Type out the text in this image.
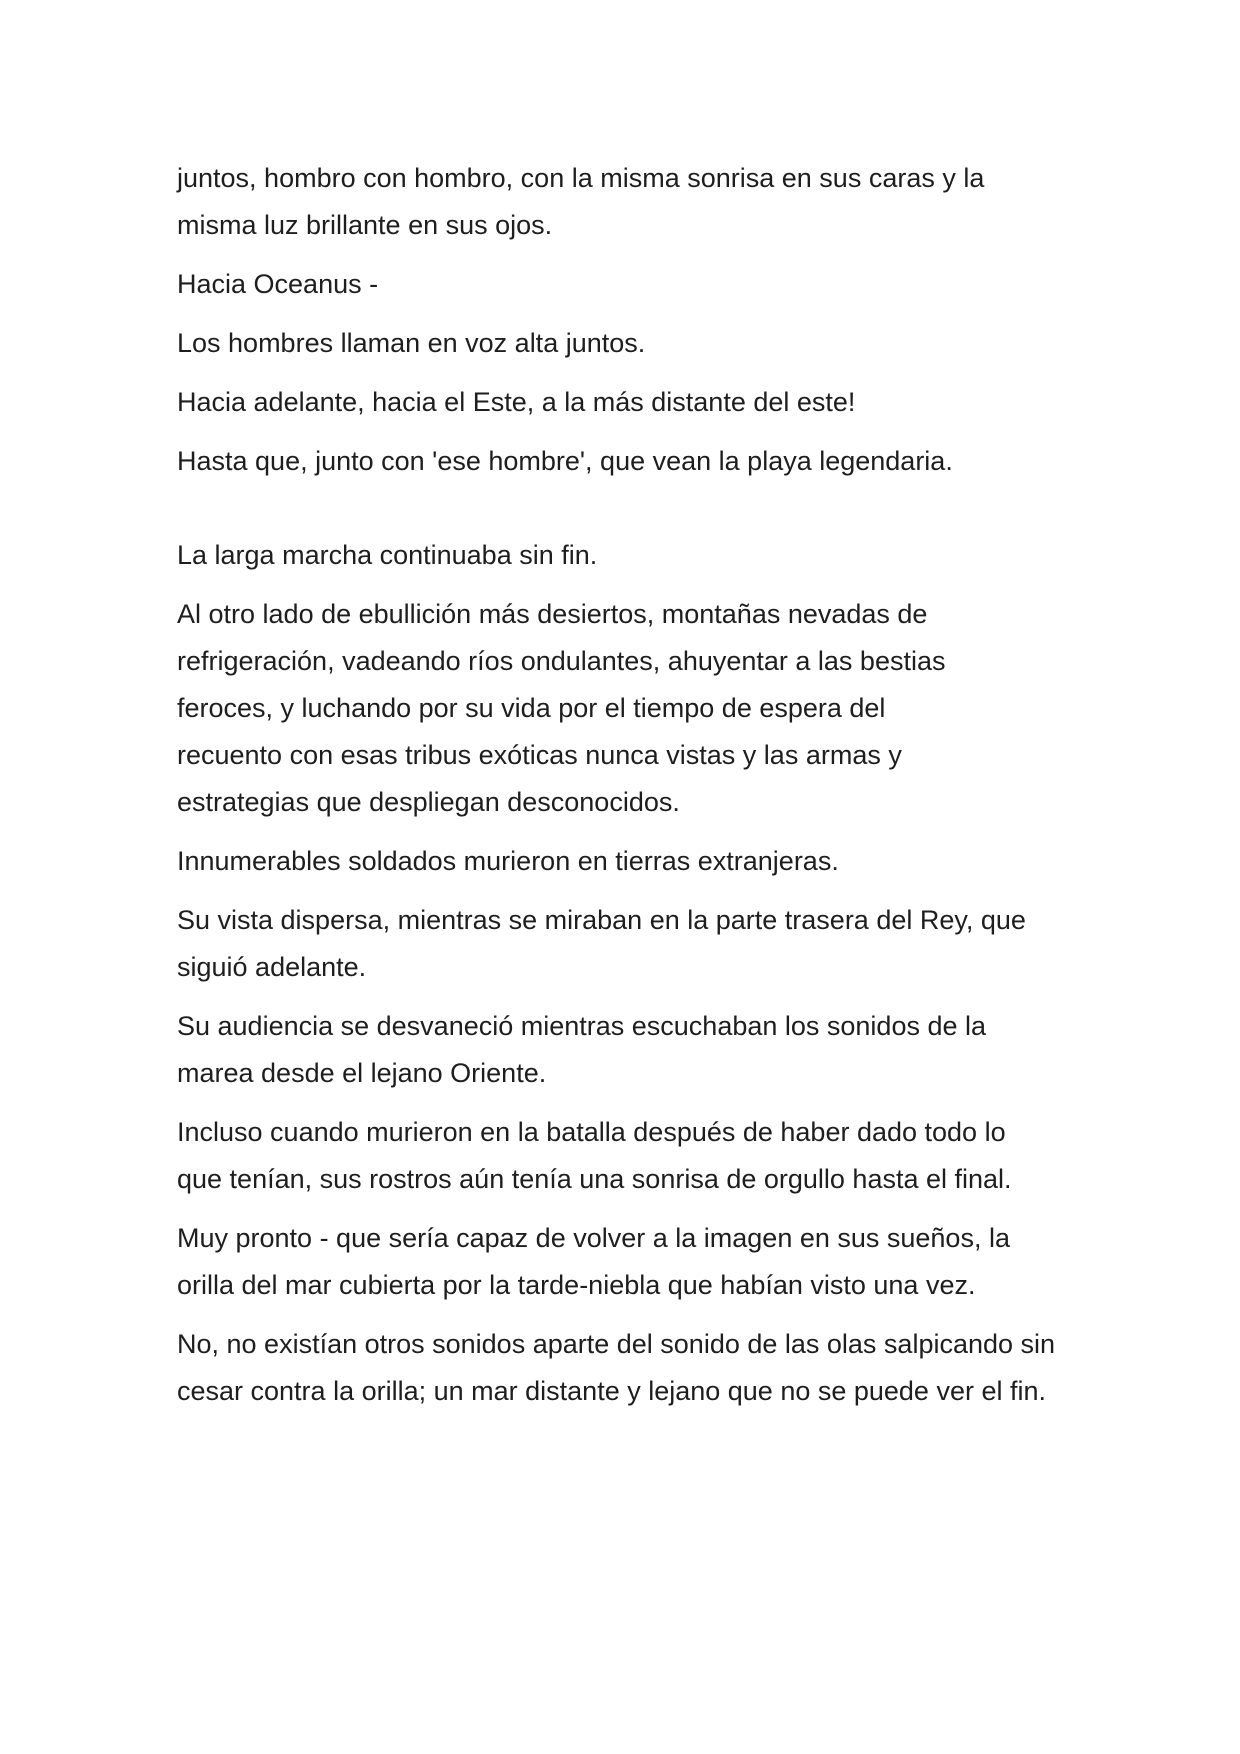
juntos, hombro con hombro, con la misma sonrisa en sus caras y la misma luz brillante en sus ojos.

Hacia Oceanus -

Los hombres llaman en voz alta juntos.

Hacia adelante, hacia el Este, a la más distante del este!

Hasta que, junto con 'ese hombre', que vean la playa legendaria.

La larga marcha continuaba sin fin.

Al otro lado de ebullición más desiertos, montañas nevadas de refrigeración, vadeando ríos ondulantes, ahuyentar a las bestias feroces, y luchando por su vida por el tiempo de espera del recuento con esas tribus exóticas nunca vistas y las armas y estrategias que despliegan desconocidos.

Innumerables soldados murieron en tierras extranjeras.

Su vista dispersa, mientras se miraban en la parte trasera del Rey, que siguió adelante.

Su audiencia se desvaneció mientras escuchaban los sonidos de la marea desde el lejano Oriente.

Incluso cuando murieron en la batalla después de haber dado todo lo que tenían, sus rostros aún tenía una sonrisa de orgullo hasta el final.

Muy pronto - que sería capaz de volver a la imagen en sus sueños, la orilla del mar cubierta por la tarde-niebla que habían visto una vez.

No, no existían otros sonidos aparte del sonido de las olas salpicando sin cesar contra la orilla; un mar distante y lejano que no se puede ver el fin.
